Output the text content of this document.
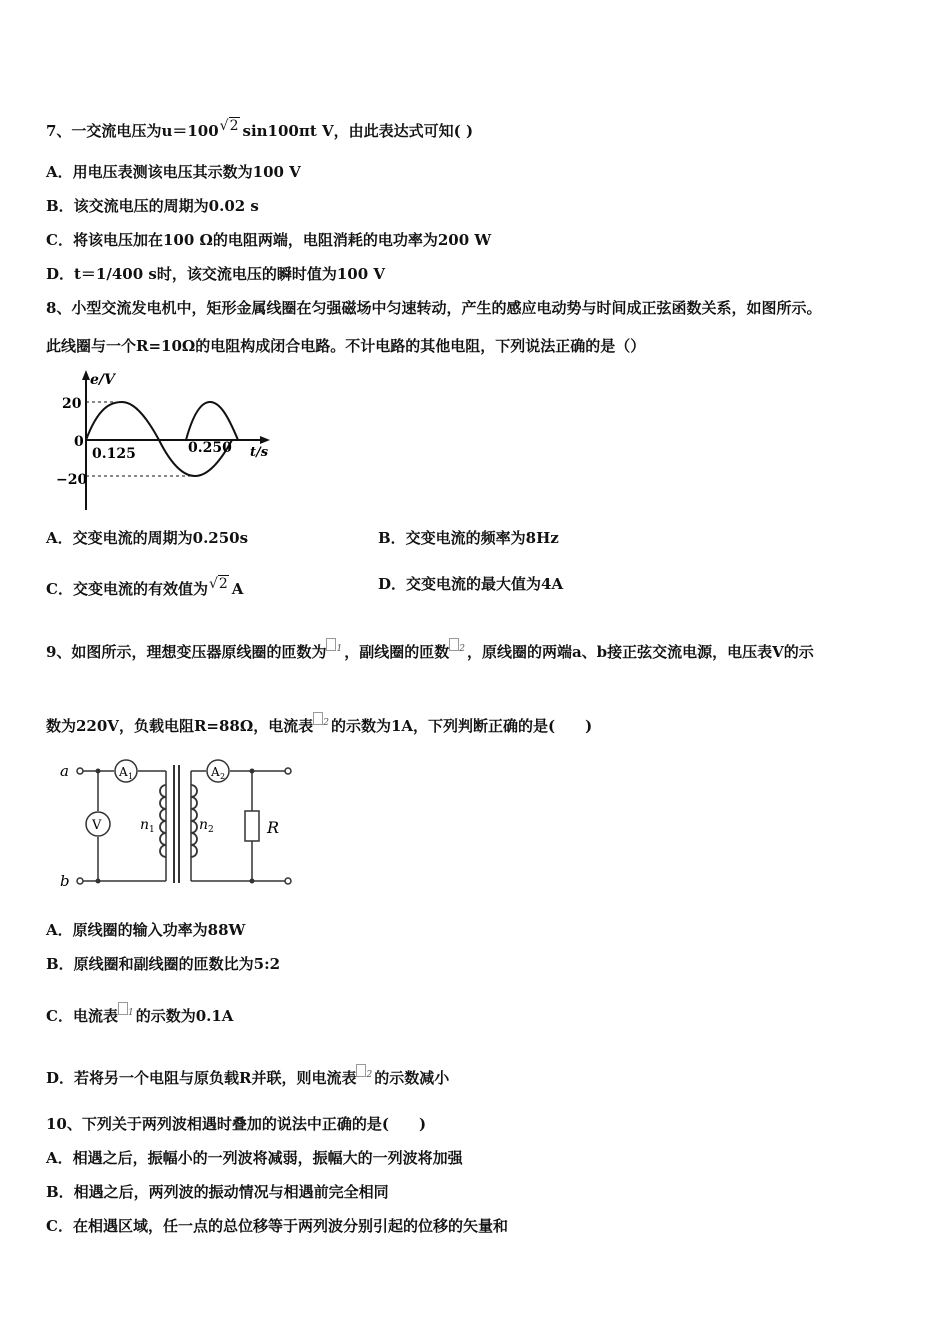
7、一交流电压为u＝100√2 sin100πt V，由此表达式可知( )
A．用电压表测该电压其示数为100 V
B．该交流电压的周期为0.02 s
C．将该电压加在100 Ω的电阻两端，电阻消耗的电功率为200 W
D．t＝1/400 s时，该交流电压的瞬时值为100 V
8、小型交流发电机中，矩形金属线圈在匀强磁场中匀速转动，产生的感应电动势与时间成正弦函数关系，如图所示。
此线圈与一个R=10Ω的电阻构成闭合电路。不计电路的其他电阻，下列说法正确的是（）
e/V
20
0
−20
0.125	0.250 t/s
A．交变电流的周期为0.250s	B．交变电流的频率为8Hz
C．交变电流的有效值为√2 A	D．交变电流的最大值为4A
9、如图所示，理想变压器原线圈的匝数为 $^1$ ，副线圈的匝数 $^2$ ，原线圈的两端a、b接正弦交流电源，电压表V的示
数为220V，负载电阻R=88Ω，电流表 $^2$ 的示数为1A，下列判断正确的是(　　)
a
b
A 1	A 2
V	n 1	n 2	R
A．原线圈的输入功率为88W
B．原线圈和副线圈的匝数比为5:2
C．电流表 $^1$ 的示数为0.1A
D．若将另一个电阻与原负载R并联，则电流表 $^2$ 的示数减小
10、下列关于两列波相遇时叠加的说法中正确的是(　　)
A．相遇之后，振幅小的一列波将减弱，振幅大的一列波将加强
B．相遇之后，两列波的振动情况与相遇前完全相同
C．在相遇区域，任一点的总位移等于两列波分别引起的位移的矢量和
